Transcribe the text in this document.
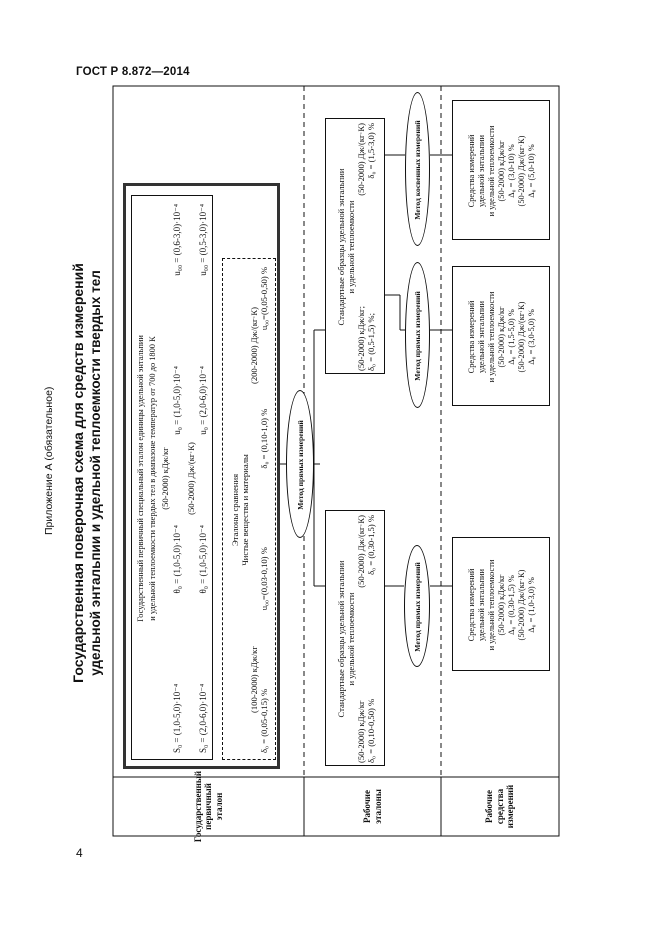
ГОСТ Р 8.872—2014
4
Приложение А (обязательное) Государственная поверочная схема для средств измерений удельной энтальпии и удельной теплоемкости твердых тел
Государственный первичный эталон	Рабочие эталоны	Рабочие средства измерений
Государственный первичный специальный эталон единицы удельной энтальпии и удельной теплоемкости твердых тел в диапазоне температур от 700 до 1800 К (50-2000) кДж/кг
S₀ = (1,0-5,0)·10⁻⁴
θ₀ = (1,0-5,0)·10⁻⁴
u₀ = (1,0-5,0)·10⁻⁴
u₀₀ = (0,6-3,0)·10⁻⁴
(50-2000) Дж/(кг·К)
S₀ = (2,0-6,0)·10⁻⁴
θ₀ = (1,0-5,0)·10⁻⁴
u₀ = (2,0-6,0)·10⁻⁴
u₀₀ = (0,5-3,0)·10⁻⁴
Эталоны сравнения Чистые вещества и материалы
(100-2000) кДж/кг
(200-2000) Дж/(кг·К)
δ₀ = (0,05-0,15) %
u₀₀=(0,03-0,10) %
δ₀ = (0,10-1,0) %
u₀₀=(0,05-0,50) %
Метод прямых измерений
Стандартные образцы удельной энтальпии и удельной теплоемкости
(50-2000) кДж/кг
(50-2000) Дж/(кг·К)
δ₀ = (0,10-0,50) %
δ₀ = (0,30-1,5) %
Стандартные образцы удельной энтальпии и удельной теплоемкости
(50-2000) кДж/кг;
(50-2000) Дж/(кг·К)
δ₀ = (0,5-1,5) %;
δ₀ = (1,5-3,0) %
Метод прямых измерений
Метод прямых измерений
Метод косвенных измерений
Средства измерений удельной энтальпии и удельной теплоемкости (50-2000) кДж/кг Δ₀ = (0,30-1,5) % (50-2000) Дж/(кг·К) Δ₀ = (1,0-3,0) %
Средства измерений удельной энтальпии и удельной теплоемкости (50-2000) кДж/кг Δ₀ = (1,5-5,0) % (50-2000) Дж/(кг·К) Δ₀ = (3,0-5,0) %
Средства измерений удельной энтальпии и удельной теплоемкости (50-2000) кДж/кг Δ₀ = (3,0-10) % (50-2000) Дж/(кг·К) Δ₀ = (5,0-10) %
